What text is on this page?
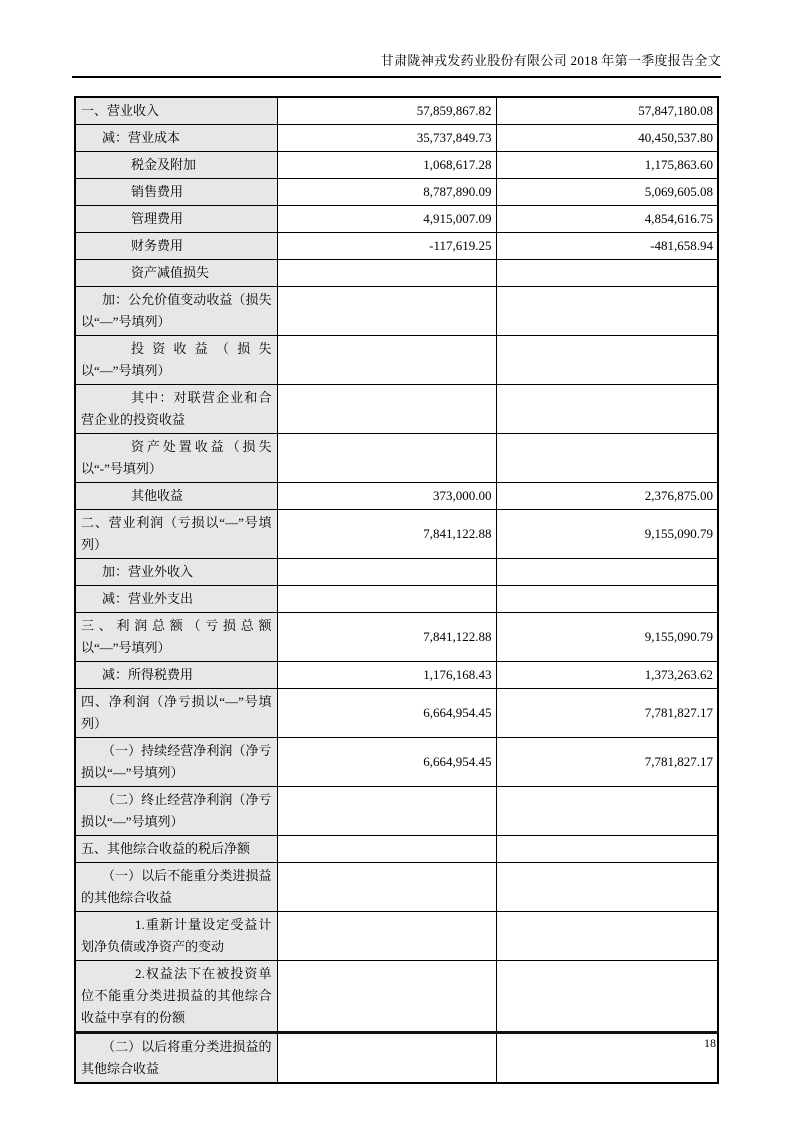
甘肃陇神戎发药业股份有限公司 2018 年第一季度报告全文
一、营业收入	57,859,867.82	57,847,180.08
减：营业成本	35,737,849.73	40,450,537.80
税金及附加	1,068,617.28	1,175,863.60
销售费用	8,787,890.09	5,069,605.08
管理费用	4,915,007.09	4,854,616.75
财务费用	-117,619.25	-481,658.94
资产减值损失		
加：公允价值变动收益（损失以“—”号填列）		
投资收益（损失以“—”号填列）		
其中：对联营企业和合营企业的投资收益		
资产处置收益（损失以“-”号填列）		
其他收益	373,000.00	2,376,875.00
二、营业利润（亏损以“—”号填列）	7,841,122.88	9,155,090.79
加：营业外收入		
减：营业外支出		
三、利润总额（亏损总额以“—”号填列）	7,841,122.88	9,155,090.79
减：所得税费用	1,176,168.43	1,373,263.62
四、净利润（净亏损以“—”号填列）	6,664,954.45	7,781,827.17
（一）持续经营净利润（净亏损以“—”号填列）	6,664,954.45	7,781,827.17
（二）终止经营净利润（净亏损以“—”号填列）		
五、其他综合收益的税后净额		
（一）以后不能重分类进损益的其他综合收益		
1.重新计量设定受益计划净负债或净资产的变动		
2.权益法下在被投资单位不能重分类进损益的其他综合收益中享有的份额		
（二）以后将重分类进损益的其他综合收益		
18
